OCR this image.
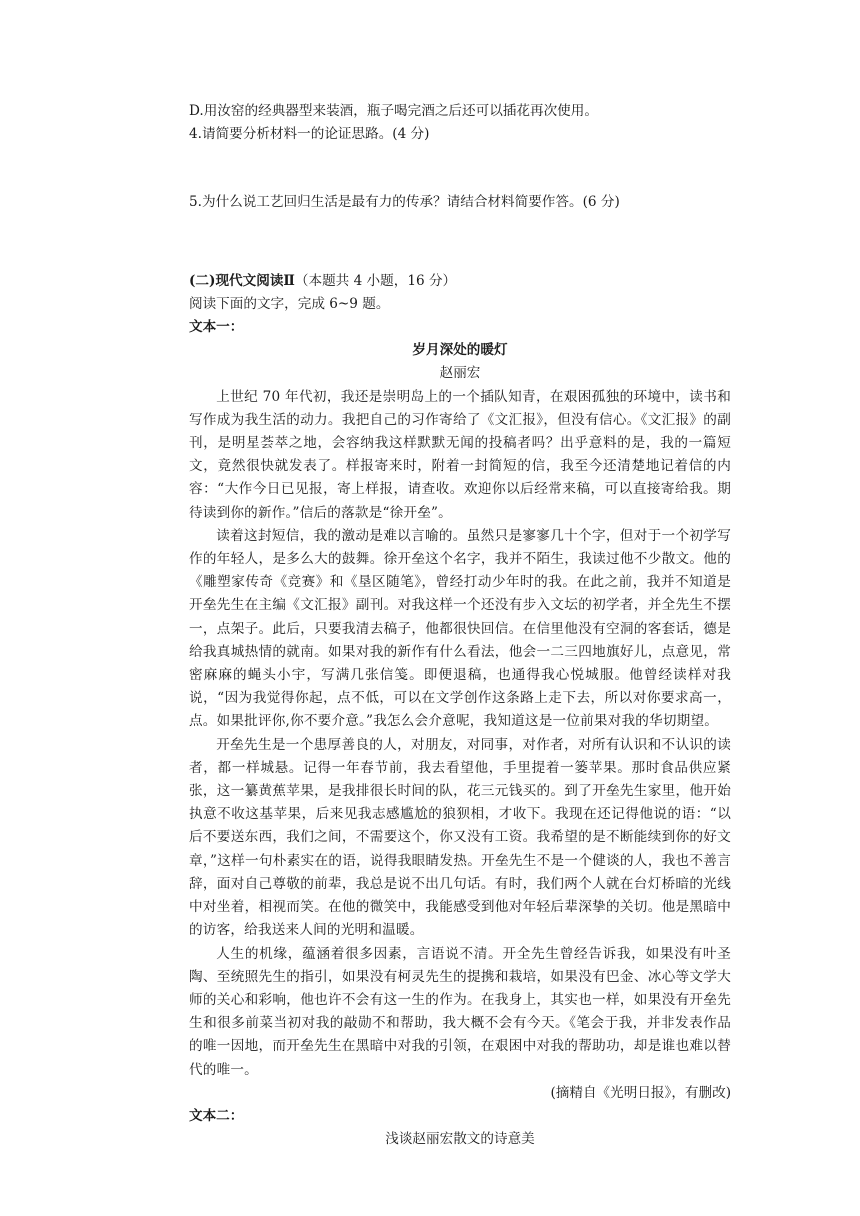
D.用汝窑的经典器型来装酒，瓶子喝完酒之后还可以插花再次使用。

4.请简要分析材料一的论证思路。(4 分)

5.为什么说工艺回归生活是最有力的传承？请结合材料简要作答。(6 分)

(二)现代文阅读Ⅱ（本题共 4 小题，16 分）

阅读下面的文字，完成 6~9 题。

文本一：

岁月深处的暖灯

赵丽宏

上世纪 70 年代初，我还是崇明岛上的一个插队知青，在艰困孤独的环境中，读书和写作成为我生活的动力。我把自己的习作寄给了《文汇报》，但没有信心。《文汇报》的副刊，是明星荟萃之地，会容纳我这样默默无闻的投稿者吗？出乎意料的是，我的一篇短文，竟然很快就发表了。样报寄来时，附着一封简短的信，我至今还清楚地记着信的内容：“大作今日已见报，寄上样报，请查收。欢迎你以后经常来稿，可以直接寄给我。期待读到你的新作。”信后的落款是“徐开垒”。

读着这封短信，我的激动是难以言喻的。虽然只是寥寥几十个字，但对于一个初学写作的年轻人，是多么大的鼓舞。徐开垒这个名字，我并不陌生，我读过他不少散文。他的《雕塑家传奇《竞赛》和《垦区随笔》，曾经打动少年时的我。在此之前，我并不知道是开垒先生在主编《文汇报》副刊。对我这样一个还没有步入文坛的初学者，并全先生不摆一，点架子。此后，只要我清去稿子，他都很快回信。在信里他没有空洞的客套话，德是给我真城热情的就南。如果对我的新作有什么看法，他会一二三四地旗好儿，点意见，常密麻麻的蝇头小宇，写满几张信笺。即便退稿，也通得我心悦城服。他曾经读样对我说，“因为我觉得你起，点不低，可以在文学创作这条路上走下去，所以对你要求高一，点。如果批评你,你不要介意。”我怎么会介意呢，我知道这是一位前果对我的华切期望。

开垒先生是一个患厚善良的人，对朋友，对同事，对作者，对所有认识和不认识的读者，都一样城悬。记得一年春节前，我去看望他，手里提着一篓苹果。那时食品供应紧张，这一纂黄蕉苹果，是我排很长时间的队，花三元钱买的。到了开垒先生家里，他开始执意不收这基苹果，后来见我志感尴尬的狼狈相，才收下。我现在还记得他说的语：“以后不要送东西，我们之间，不需要这个，你又没有工资。我希望的是不断能续到你的好文章，”这样一句朴素实在的语，说得我眼睛发热。开垒先生不是一个健谈的人，我也不善言辞，面对自己尊敬的前辈，我总是说不出几句话。有时，我们两个人就在台灯桥暗的光线中对坐着，相视而笑。在他的微笑中，我能感受到他对年轻后辈深挚的关切。他是黑暗中的访客，给我送来人间的光明和温暖。

人生的机缘，蕴涵着很多因素，言语说不清。开全先生曾经告诉我，如果没有叶圣陶、至统照先生的指引，如果没有柯灵先生的提携和栽培，如果没有巴金、冰心等文学大师的关心和彩响，他也许不会有这一生的作为。在我身上，其实也一样，如果没有开垒先生和很多前菜当初对我的敲勋不和帮助，我大概不会有今天。《笔会于我，并非发表作品的唯一因地，而开垒先生在黑暗中对我的引领，在艰困中对我的帮助功，却是谁也难以替代的唯一。

(摘精自《光明日报》，有删改)

文本二：

浅谈赵丽宏散文的诗意美
